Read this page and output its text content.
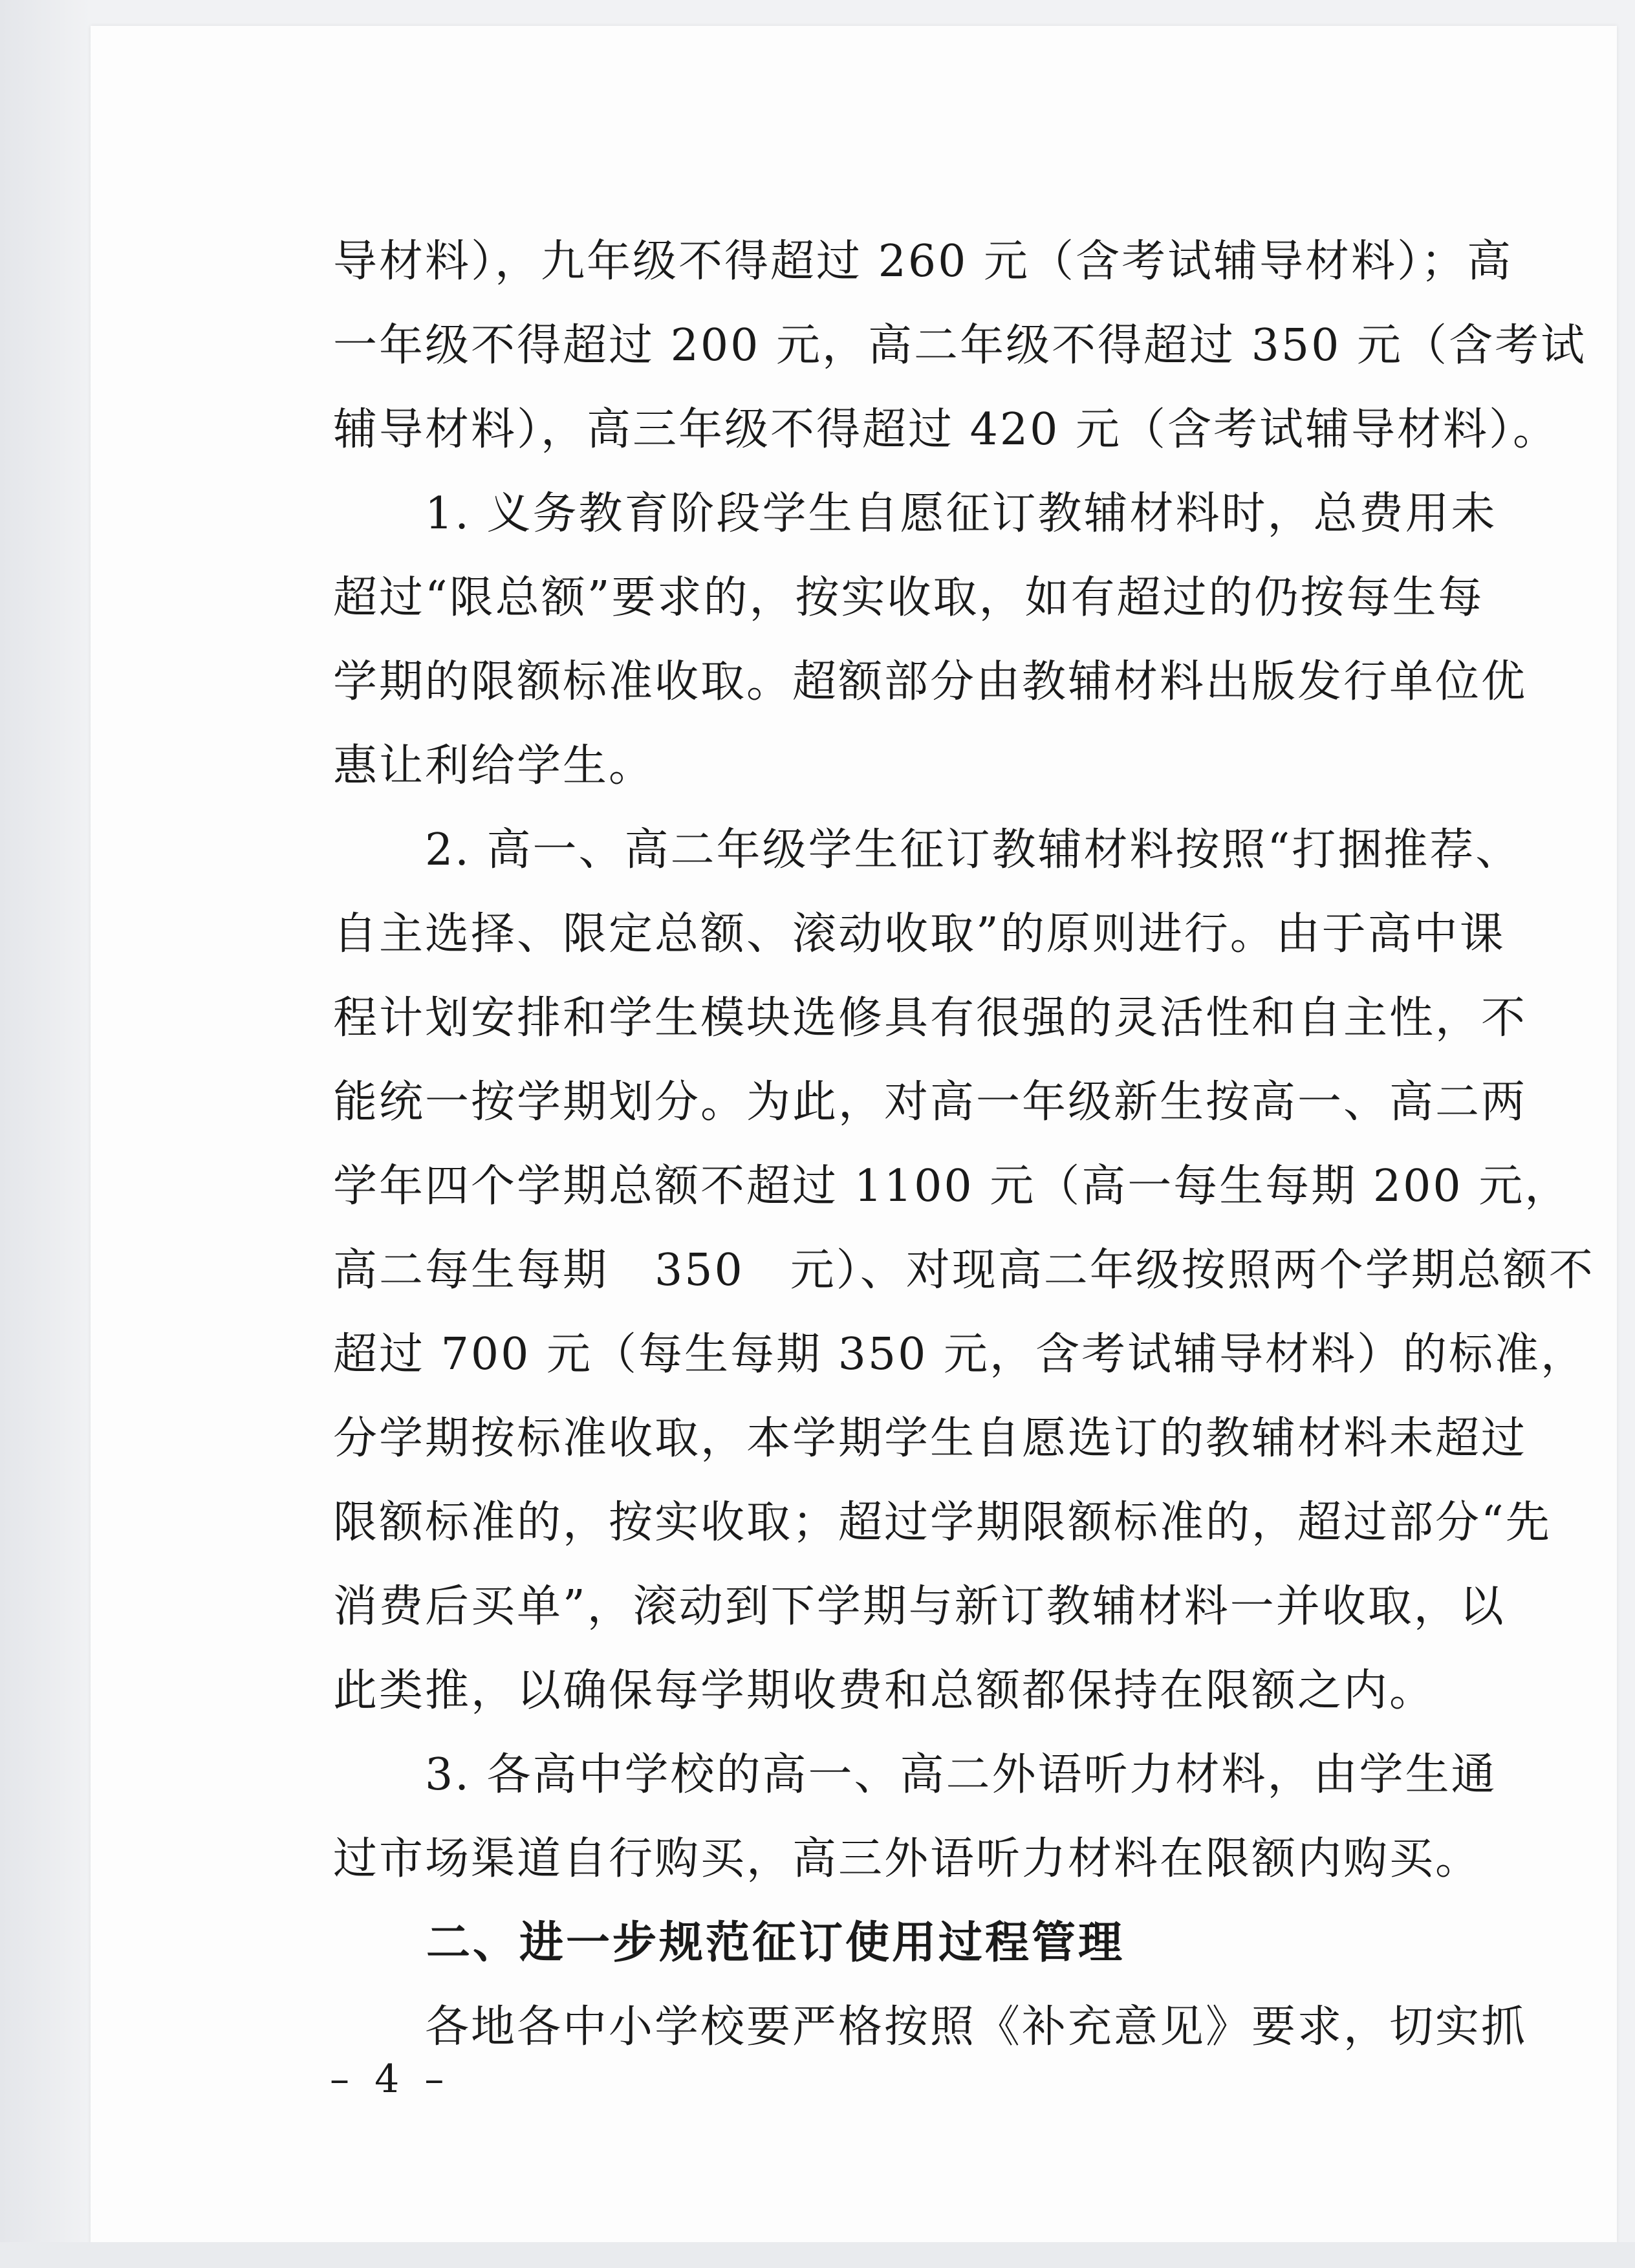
导材料），九年级不得超过 260 元（含考试辅导材料）；高
一年级不得超过 200 元，高二年级不得超过 350 元（含考试
辅导材料），高三年级不得超过 420 元（含考试辅导材料）。
　　1. 义务教育阶段学生自愿征订教辅材料时，总费用未
超过“限总额”要求的，按实收取，如有超过的仍按每生每
学期的限额标准收取。超额部分由教辅材料出版发行单位优
惠让利给学生。
　　2. 高一、高二年级学生征订教辅材料按照“打捆推荐、
自主选择、限定总额、滚动收取”的原则进行。由于高中课
程计划安排和学生模块选修具有很强的灵活性和自主性，不
能统一按学期划分。为此，对高一年级新生按高一、高二两
学年四个学期总额不超过 1100 元（高一每生每期 200 元，
高二每生每期　350　元）、对现高二年级按照两个学期总额不
超过 700 元（每生每期 350 元，含考试辅导材料）的标准，
分学期按标准收取，本学期学生自愿选订的教辅材料未超过
限额标准的，按实收取；超过学期限额标准的，超过部分“先
消费后买单”，滚动到下学期与新订教辅材料一并收取，以
此类推，以确保每学期收费和总额都保持在限额之内。
　　3. 各高中学校的高一、高二外语听力材料，由学生通
过市场渠道自行购买，高三外语听力材料在限额内购买。
　　二、进一步规范征订使用过程管理
　　各地各中小学校要严格按照《补充意见》要求，切实抓
– 4 –
